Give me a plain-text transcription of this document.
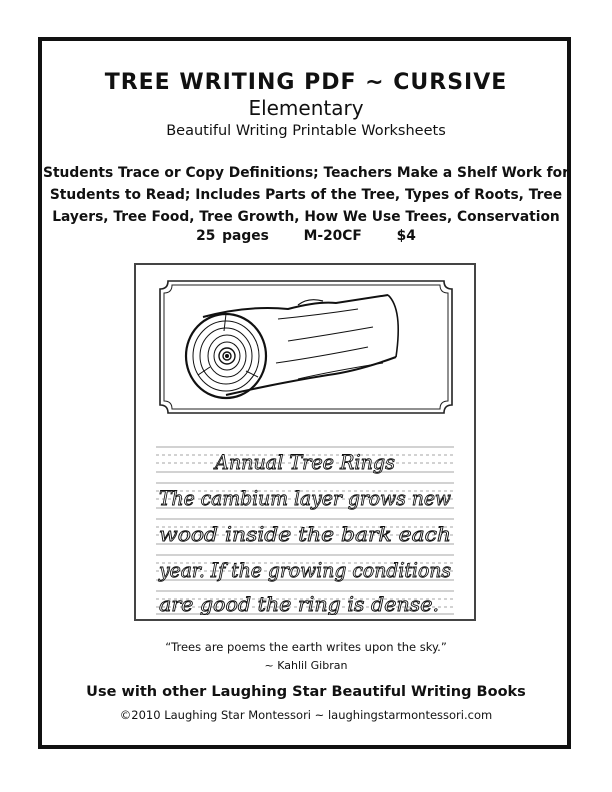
TREE WRITING PDF ~ CURSIVE
Elementary
Beautiful Writing Printable Worksheets
Students Trace or Copy Definitions; Teachers Make a Shelf Work for
Students to Read; Includes Parts of the Tree, Types of Roots, Tree
Layers, Tree Food, Tree Growth, How We Use Trees, Conservation
25 pages	M-20CF	$4
Annual Tree Rings
The cambium layer grows new
wood inside the bark each
year. If the growing conditions
are good the ring is dense.
“Trees are poems the earth writes upon the sky.”
~ Kahlil Gibran
Use with other Laughing Star Beautiful Writing Books
©2010 Laughing Star Montessori ~ laughingstarmontessori.com
